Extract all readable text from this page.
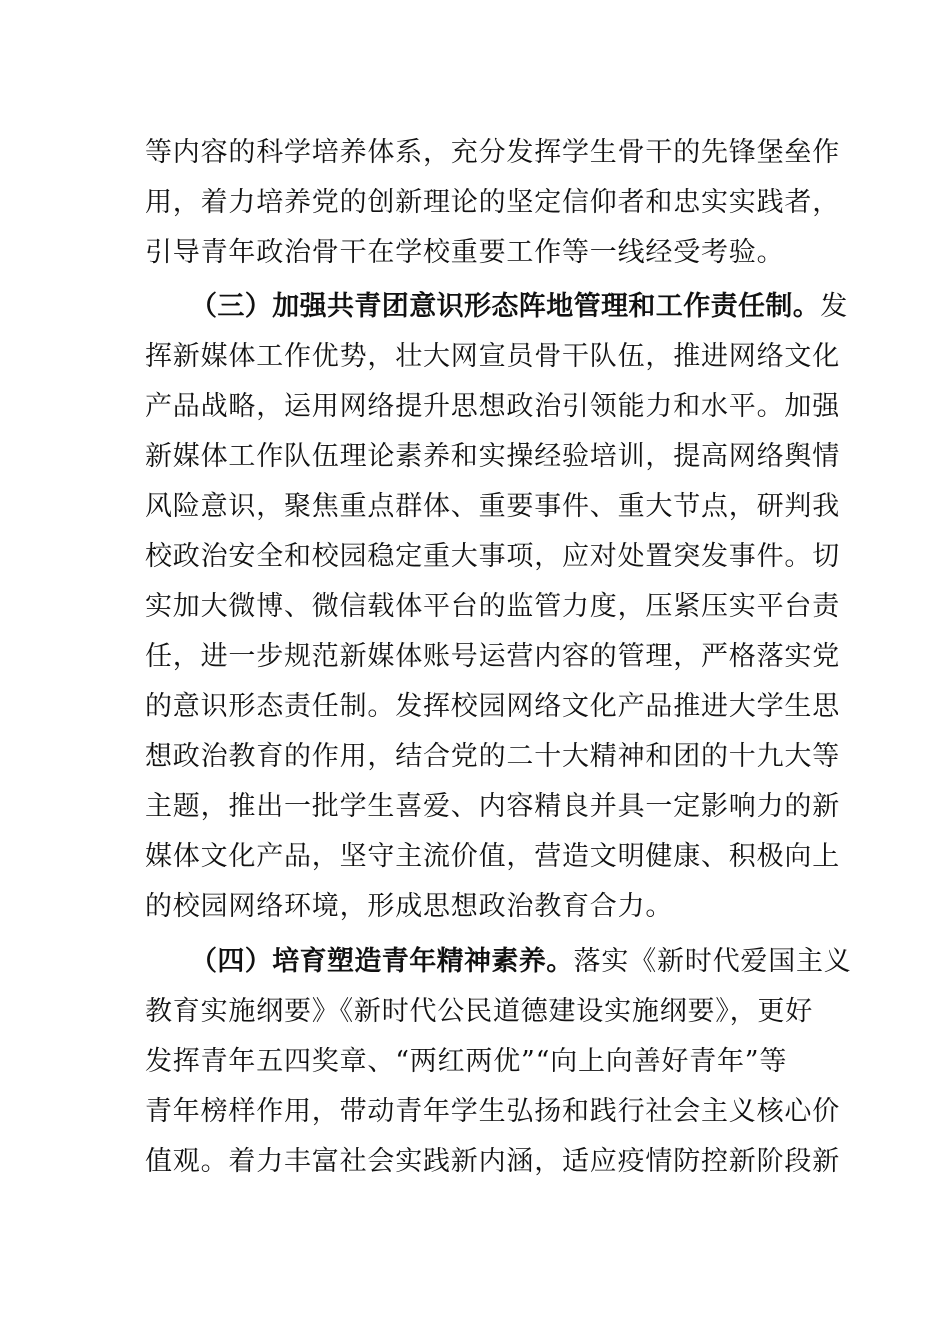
等内容的科学培养体系，充分发挥学生骨干的先锋堡垒作
用，着力培养党的创新理论的坚定信仰者和忠实实践者，
引导青年政治骨干在学校重要工作等一线经受考验。
（三）加强共青团意识形态阵地管理和工作责任制。发
挥新媒体工作优势，壮大网宣员骨干队伍，推进网络文化
产品战略，运用网络提升思想政治引领能力和水平。加强
新媒体工作队伍理论素养和实操经验培训，提高网络舆情
风险意识，聚焦重点群体、重要事件、重大节点，研判我
校政治安全和校园稳定重大事项，应对处置突发事件。切
实加大微博、微信载体平台的监管力度，压紧压实平台责
任，进一步规范新媒体账号运营内容的管理，严格落实党
的意识形态责任制。发挥校园网络文化产品推进大学生思
想政治教育的作用，结合党的二十大精神和团的十九大等
主题，推出一批学生喜爱、内容精良并具一定影响力的新
媒体文化产品，坚守主流价值，营造文明健康、积极向上
的校园网络环境，形成思想政治教育合力。
（四）培育塑造青年精神素养。落实《新时代爱国主义
教育实施纲要》《新时代公民道德建设实施纲要》，更好
发挥青年五四奖章、“两红两优”“向上向善好青年”等
青年榜样作用，带动青年学生弘扬和践行社会主义核心价
值观。着力丰富社会实践新内涵，适应疫情防控新阶段新
